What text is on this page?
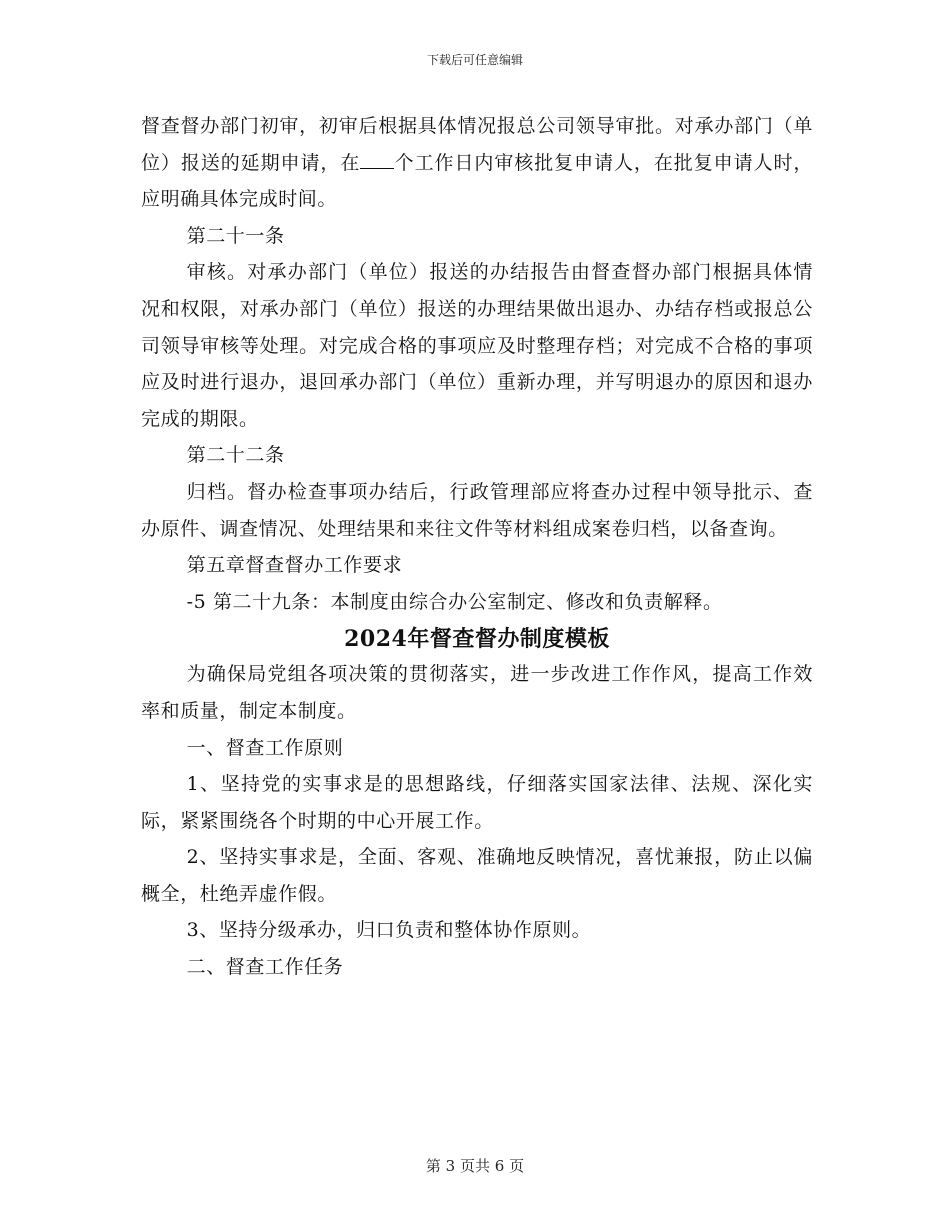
下载后可任意编辑

督查督办部门初审，初审后根据具体情况报总公司领导审批。对承办部门（单位）报送的延期申请，在 个工作日内审核批复申请人，在批复申请人时，应明确具体完成时间。

第二十一条

审核。对承办部门（单位）报送的办结报告由督查督办部门根据具体情况和权限，对承办部门（单位）报送的办理结果做出退办、办结存档或报总公司领导审核等处理。对完成合格的事项应及时整理存档；对完成不合格的事项应及时进行退办，退回承办部门（单位）重新办理，并写明退办的原因和退办完成的期限。

第二十二条

归档。督办检查事项办结后，行政管理部应将查办过程中领导批示、查办原件、调查情况、处理结果和来往文件等材料组成案卷归档，以备查询。

第五章督查督办工作要求

-5 第二十九条：本制度由综合办公室制定、修改和负责解释。

2024年督查督办制度模板

为确保局党组各项决策的贯彻落实，进一步改进工作作风，提高工作效率和质量，制定本制度。

一、督查工作原则

1、坚持党的实事求是的思想路线，仔细落实国家法律、法规、深化实际，紧紧围绕各个时期的中心开展工作。

2、坚持实事求是，全面、客观、准确地反映情况，喜忧兼报，防止以偏概全，杜绝弄虚作假。

3、坚持分级承办，归口负责和整体协作原则。

二、督查工作任务

第 3 页共 6 页
